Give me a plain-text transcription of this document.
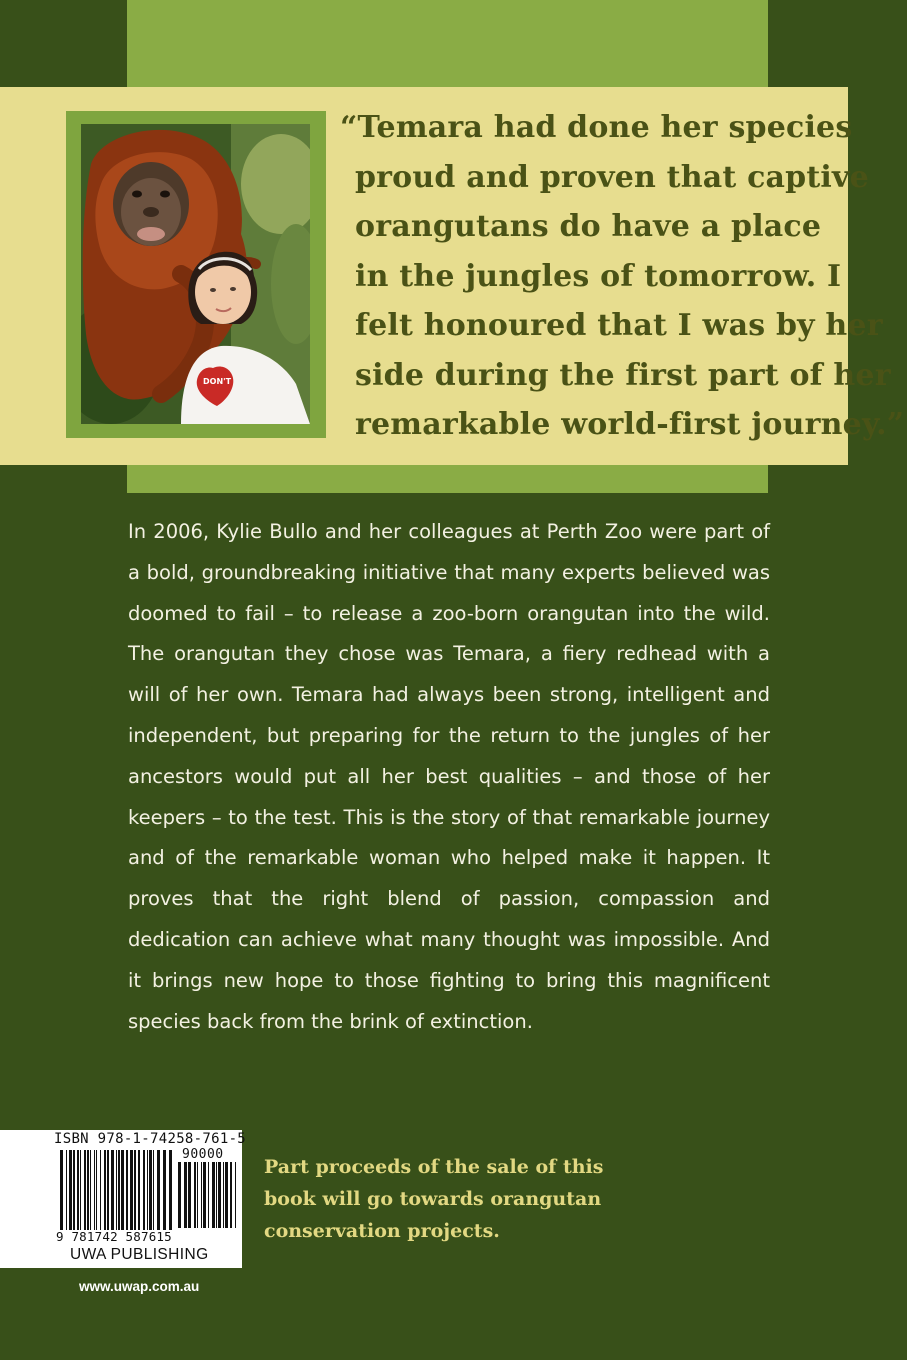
DON'T

“Temara had done her species
proud and proven that captive
orangutans do have a place
in the jungles of tomorrow. I
felt honoured that I was by her
side during the first part of her
remarkable world-first journey.”

In 2006, Kylie Bullo and her colleagues at Perth Zoo were part of a bold, groundbreaking initiative that many experts believed was doomed to fail – to release a zoo-born orangutan into the wild. The orangutan they chose was Temara, a fiery redhead with a will of her own. Temara had always been strong, intelligent and independent, but preparing for the return to the jungles of her ancestors would put all her best qualities – and those of her keepers – to the test. This is the story of that remarkable journey and of the remarkable woman who helped make it happen. It proves that the right blend of passion, compassion and dedication can achieve what many thought was impossible. And it brings new hope to those fighting to bring this magnificent species back from the brink of extinction.

ISBN 978-1-74258-761-5
90000
9 781742 587615
UWA PUBLISHING
www.uwap.com.au

Part proceeds of the sale of this
book will go towards orangutan
conservation projects.
